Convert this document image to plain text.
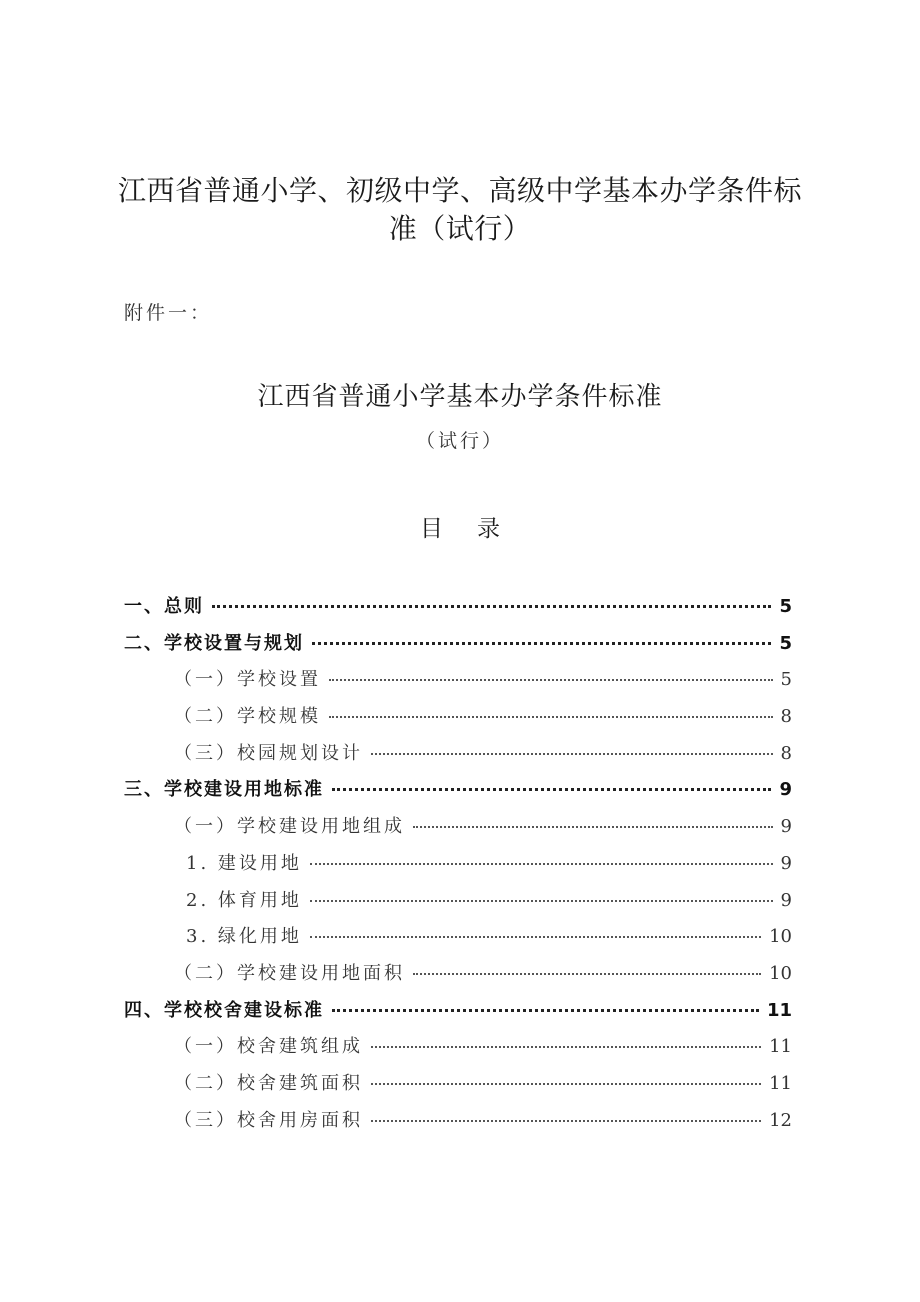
江西省普通小学、初级中学、高级中学基本办学条件标
准（试行）
附件一：
江西省普通小学基本办学条件标准
（试行）
目录
一、总则	5
二、学校设置与规划	5
（一）学校设置	5
（二）学校规模	8
（三）校园规划设计	8
三、学校建设用地标准	9
（一）学校建设用地组成	9
1. 建设用地	9
2. 体育用地	9
3. 绿化用地	10
（二）学校建设用地面积	10
四、学校校舍建设标准	11
（一）校舍建筑组成	11
（二）校舍建筑面积	11
（三）校舍用房面积	12
